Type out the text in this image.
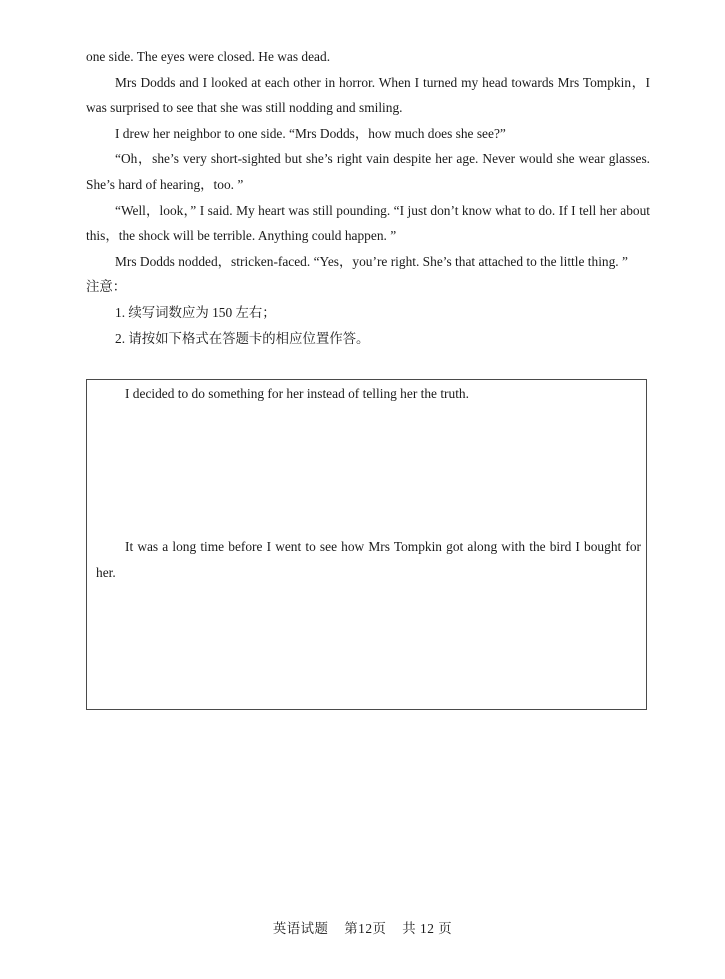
one side. The eyes were closed. He was dead.

Mrs Dodds and I looked at each other in horror. When I turned my head towards Mrs Tompkin，I was surprised to see that she was still nodding and smiling.

I drew her neighbor to one side. “Mrs Dodds，how much does she see?”

“Oh，she’s very short-sighted but she’s right vain despite her age. Never would she wear glasses. She’s hard of hearing，too. ”

“Well，look，” I said. My heart was still pounding. “I just don’t know what to do. If I tell her about this，the shock will be terrible. Anything could happen. ”

Mrs Dodds nodded，stricken-faced. “Yes，you’re right. She’s that attached to the little thing. ”

注意：

1. 续写词数应为 150 左右；

2. 请按如下格式在答题卡的相应位置作答。

I decided to do something for her instead of telling her the truth.

It was a long time before I went to see how Mrs Tompkin got along with the bird I bought for her.

英语试题 第12页 共 12 页
